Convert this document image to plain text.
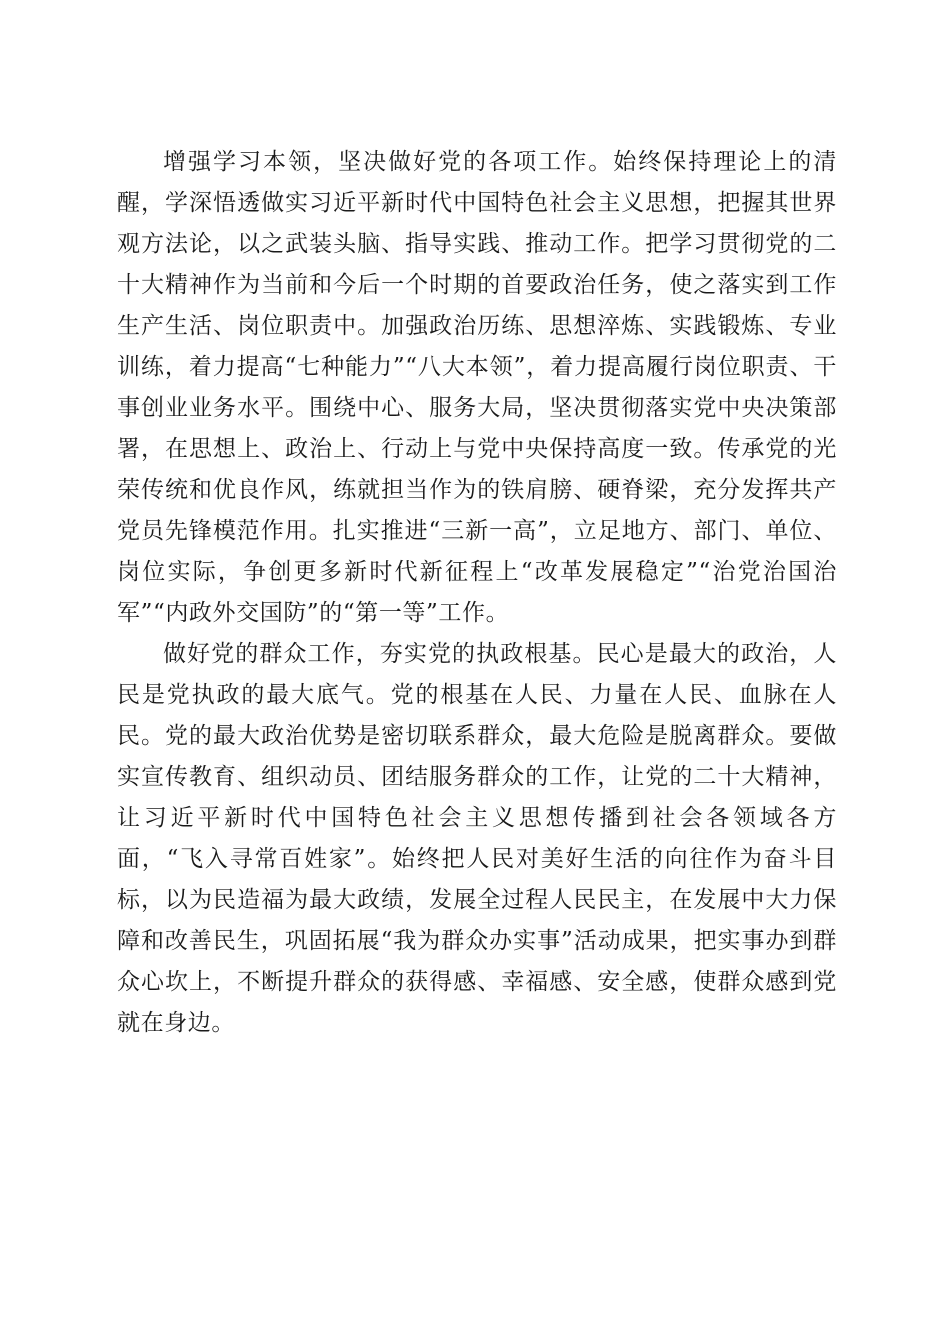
增强学习本领，坚决做好党的各项工作。始终保持理论上的清醒，学深悟透做实习近平新时代中国特色社会主义思想，把握其世界观方法论，以之武装头脑、指导实践、推动工作。把学习贯彻党的二十大精神作为当前和今后一个时期的首要政治任务，使之落实到工作生产生活、岗位职责中。加强政治历练、思想淬炼、实践锻炼、专业训练，着力提高“七种能力”“八大本领”，着力提高履行岗位职责、干事创业业务水平。围绕中心、服务大局，坚决贯彻落实党中央决策部署，在思想上、政治上、行动上与党中央保持高度一致。传承党的光荣传统和优良作风，练就担当作为的铁肩膀、硬脊梁，充分发挥共产党员先锋模范作用。扎实推进“三新一高”，立足地方、部门、单位、岗位实际，争创更多新时代新征程上“改革发展稳定”“治党治国治军”“内政外交国防”的“第一等”工作。

做好党的群众工作，夯实党的执政根基。民心是最大的政治，人民是党执政的最大底气。党的根基在人民、力量在人民、血脉在人民。党的最大政治优势是密切联系群众，最大危险是脱离群众。要做实宣传教育、组织动员、团结服务群众的工作，让党的二十大精神，让习近平新时代中国特色社会主义思想传播到社会各领域各方面，“飞入寻常百姓家”。始终把人民对美好生活的向往作为奋斗目标，以为民造福为最大政绩，发展全过程人民民主，在发展中大力保障和改善民生，巩固拓展“我为群众办实事”活动成果，把实事办到群众心坎上，不断提升群众的获得感、幸福感、安全感，使群众感到党就在身边。
